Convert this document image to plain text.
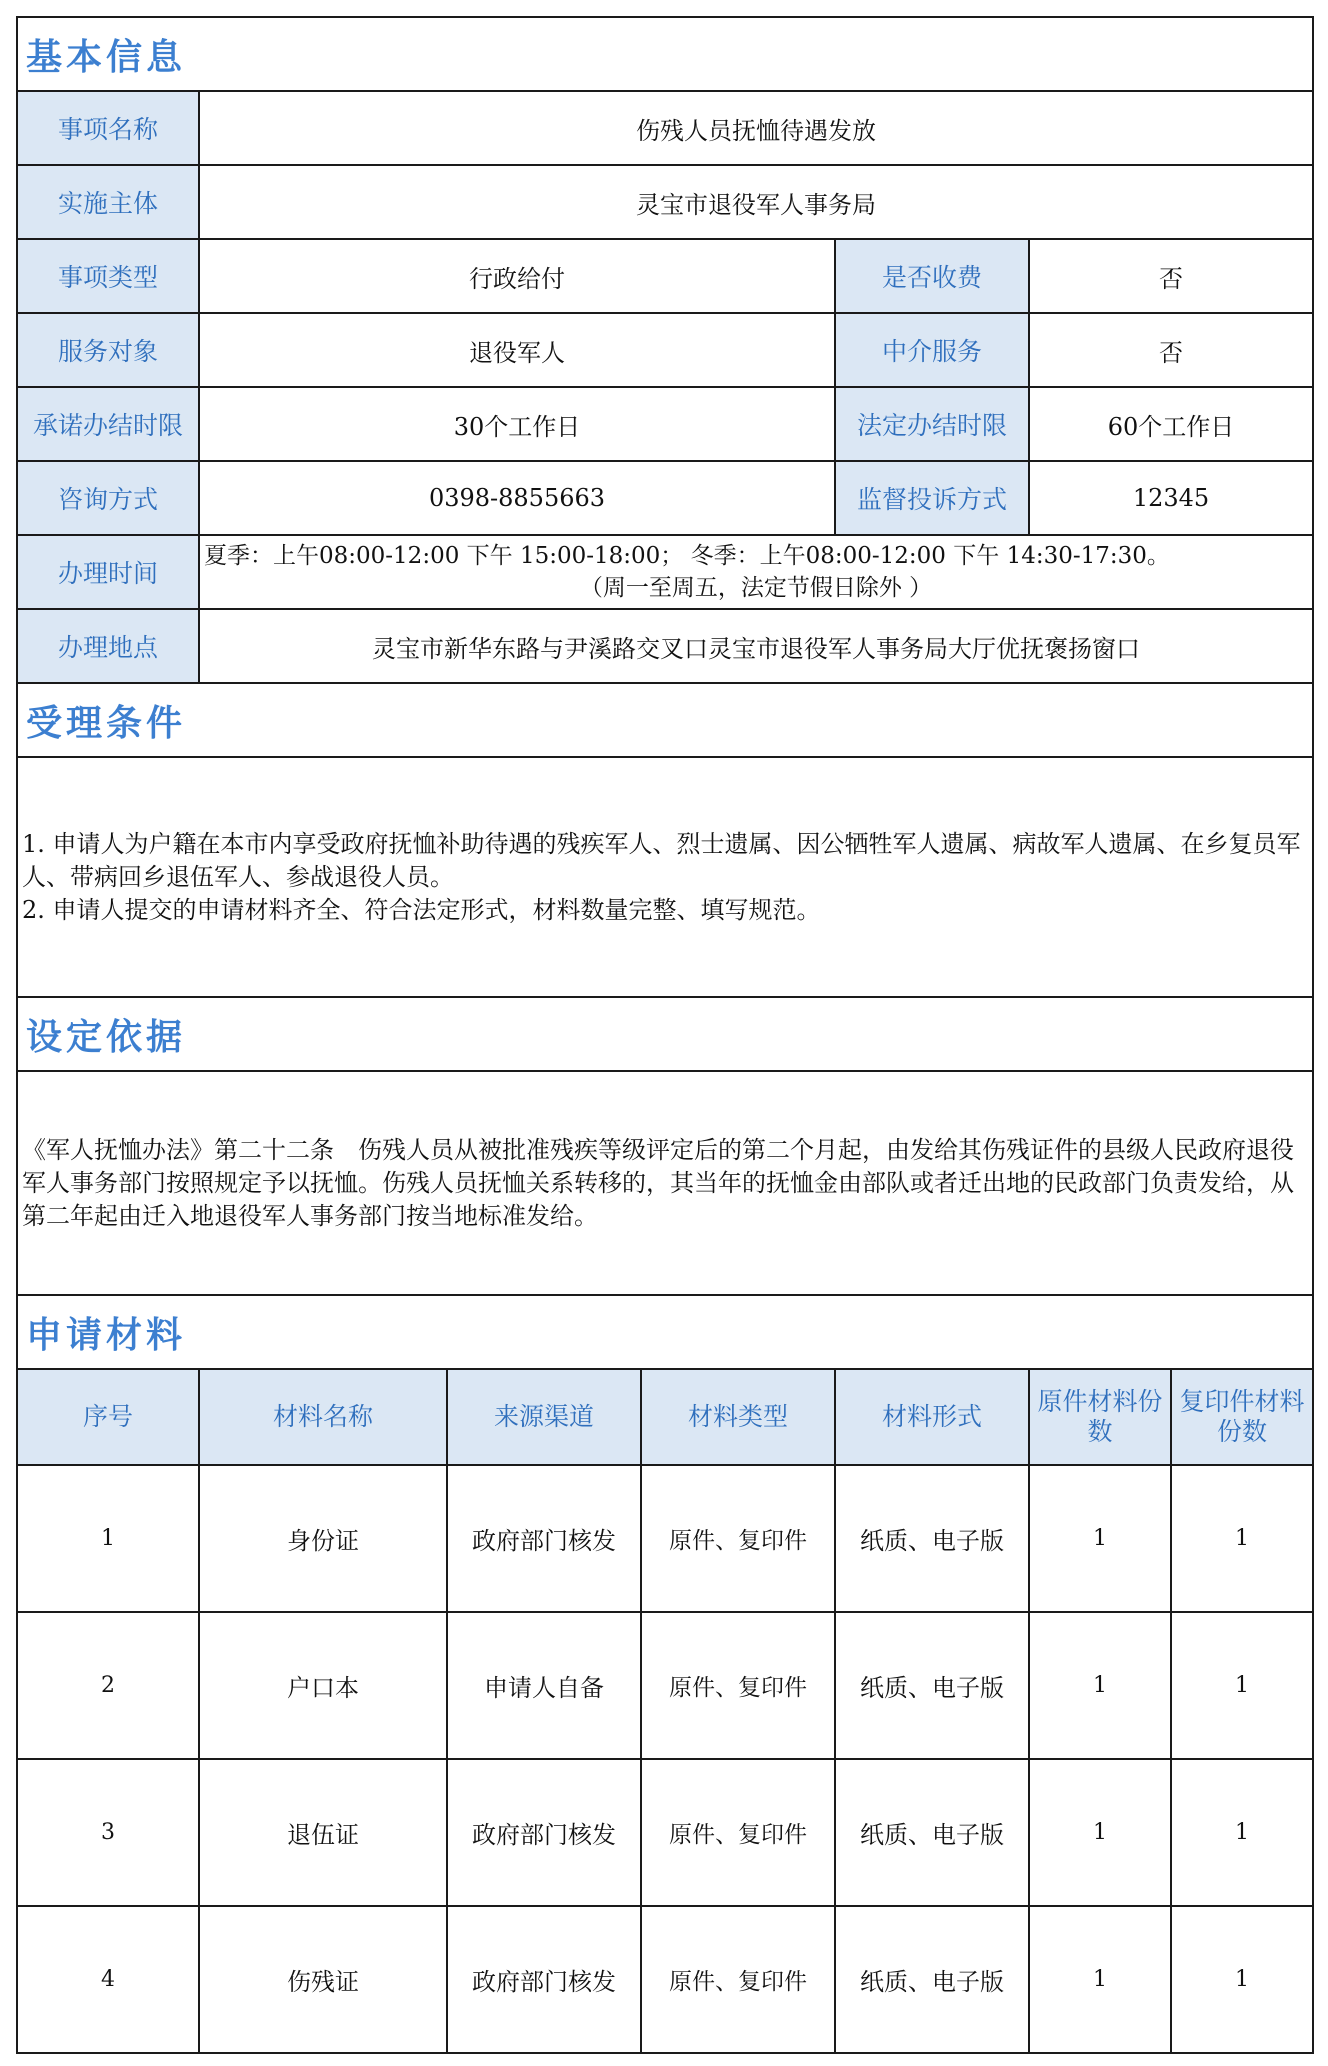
基本信息						
事项名称	伤残人员抚恤待遇发放					
实施主体	灵宝市退役军人事务局					
事项类型	行政给付			是否收费	否	
服务对象	退役军人			中介服务	否	
承诺办结时限	30个工作日			法定办结时限	60个工作日	
咨询方式	0398-8855663			监督投诉方式	12345	
办理时间	夏季：上午08:00-12:00 下午 15:00-18:00； 冬季：上午08:00-12:00 下午 14:30-17:30。
（周一至周五，法定节假日除外 ）					

办理地点	灵宝市新华东路与尹溪路交叉口灵宝市退役军人事务局大厅优抚褒扬窗口					
受理条件						

1. 申请人为户籍在本市内享受政府抚恤补助待遇的残疾军人、烈士遗属、因公牺牲军人遗属、病故军人遗属、在乡复员军人、带病回乡退伍军人、参战退役人员。
2. 申请人提交的申请材料齐全、符合法定形式，材料数量完整、填写规范。						

设定依据						

《军人抚恤办法》第二十二条　伤残人员从被批准残疾等级评定后的第二个月起，由发给其伤残证件的县级人民政府退役军人事务部门按照规定予以抚恤。伤残人员抚恤关系转移的，其当年的抚恤金由部队或者迁出地的民政部门负责发给，从第二年起由迁入地退役军人事务部门按当地标准发给。						

申请材料						
序号	材料名称	来源渠道	材料类型	材料形式	原件材料份数	复印件材料份数
1	身份证	政府部门核发	原件、复印件	纸质、电子版	1	1
2	户口本	申请人自备	原件、复印件	纸质、电子版	1	1
3	退伍证	政府部门核发	原件、复印件	纸质、电子版	1	1
4	伤残证	政府部门核发	原件、复印件	纸质、电子版	1	1
